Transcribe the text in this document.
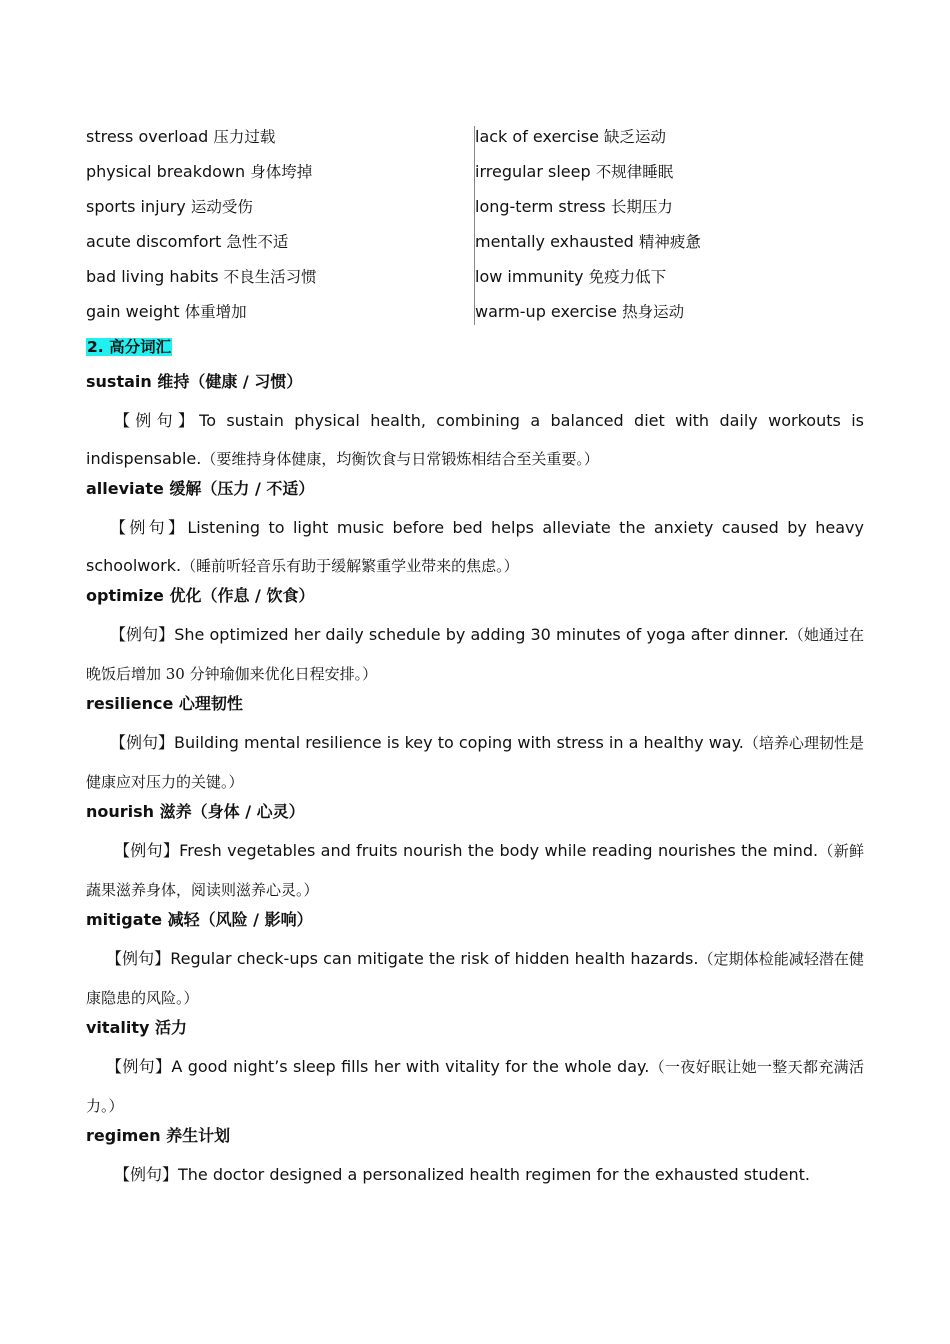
stress overload 压力过载
physical breakdown 身体垮掉
sports injury 运动受伤
acute discomfort 急性不适
bad living habits 不良生活习惯
gain weight 体重增加
lack of exercise 缺乏运动
irregular sleep 不规律睡眠
long-term stress 长期压力
mentally exhausted 精神疲惫
low immunity 免疫力低下
warm-up exercise 热身运动
2. 高分词汇
sustain 维持（健康 / 习惯）
【例句】To sustain physical health, combining a balanced diet with daily workouts is indispensable.（要维持身体健康，均衡饮食与日常锻炼相结合至关重要。）
alleviate 缓解（压力 / 不适）
【例句】Listening to light music before bed helps alleviate the anxiety caused by heavy schoolwork.（睡前听轻音乐有助于缓解繁重学业带来的焦虑。）
optimize 优化（作息 / 饮食）
【例句】She optimized her daily schedule by adding 30 minutes of yoga after dinner.（她通过在晚饭后增加 30 分钟瑜伽来优化日程安排。）
resilience 心理韧性
【例句】Building mental resilience is key to coping with stress in a healthy way.（培养心理韧性是健康应对压力的关键。）
nourish 滋养（身体 / 心灵）
【例句】Fresh vegetables and fruits nourish the body while reading nourishes the mind.（新鲜蔬果滋养身体，阅读则滋养心灵。）
mitigate 减轻（风险 / 影响）
【例句】Regular check-ups can mitigate the risk of hidden health hazards.（定期体检能减轻潜在健康隐患的风险。）
vitality 活力
【例句】A good night’s sleep fills her with vitality for the whole day.（一夜好眠让她一整天都充满活力。）
regimen 养生计划
【例句】The doctor designed a personalized health regimen for the exhausted student.
